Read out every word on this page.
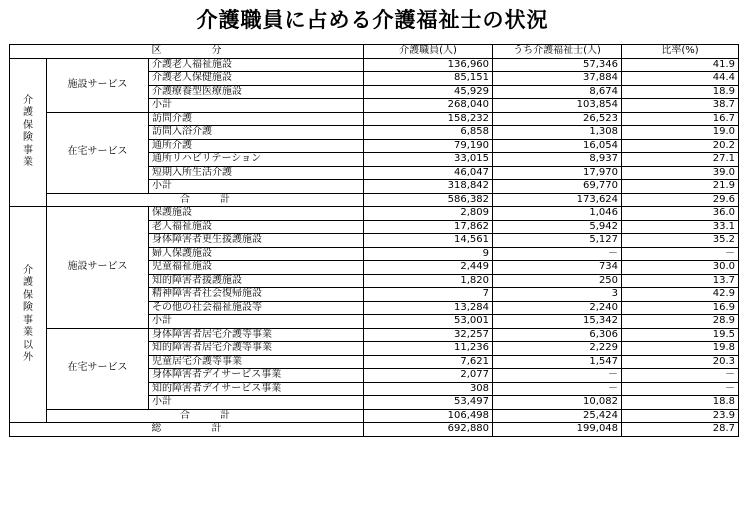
介護職員に占める介護福祉士の状況
区　　　　　分			介護職員(人)	うち介護福祉士(人)	比率(%)

介護保険事業	施設サービス	介護老人福祉施設	136,960	57,346	41.9
		介護老人保健施設	85,151	37,884	44.4
		介護療養型医療施設	45,929	8,674	18.9
		小計	268,040	103,854	38.7
	在宅サービス	訪問介護	158,232	26,523	16.7
		訪問入浴介護	6,858	1,308	19.0
		通所介護	79,190	16,054	20.2
		通所リハビリテーション	33,015	8,937	27.1
		短期入所生活介護	46,047	17,970	39.0
		小計	318,842	69,770	21.9
	合　　　計		586,382	173,624	29.6

介護保険事業以外	施設サービス	保護施設	2,809	1,046	36.0
		老人福祉施設	17,862	5,942	33.1
		身体障害者更生援護施設	14,561	5,127	35.2
		婦人保護施設	9	－	－
		児童福祉施設	2,449	734	30.0
		知的障害者援護施設	1,820	250	13.7
		精神障害者社会復帰施設	7	3	42.9
		その他の社会福祉施設等	13,284	2,240	16.9
		小計	53,001	15,342	28.9
	在宅サービス	身体障害者居宅介護等事業	32,257	6,306	19.5
		知的障害者居宅介護等事業	11,236	2,229	19.8
		児童居宅介護等事業	7,621	1,547	20.3
		身体障害者デイサービス事業	2,077	－	－
		知的障害者デイサービス事業	308	－	－
		小計	53,497	10,082	18.8
	合　　　計		106,498	25,424	23.9
総　　　　　計			692,880	199,048	28.7
